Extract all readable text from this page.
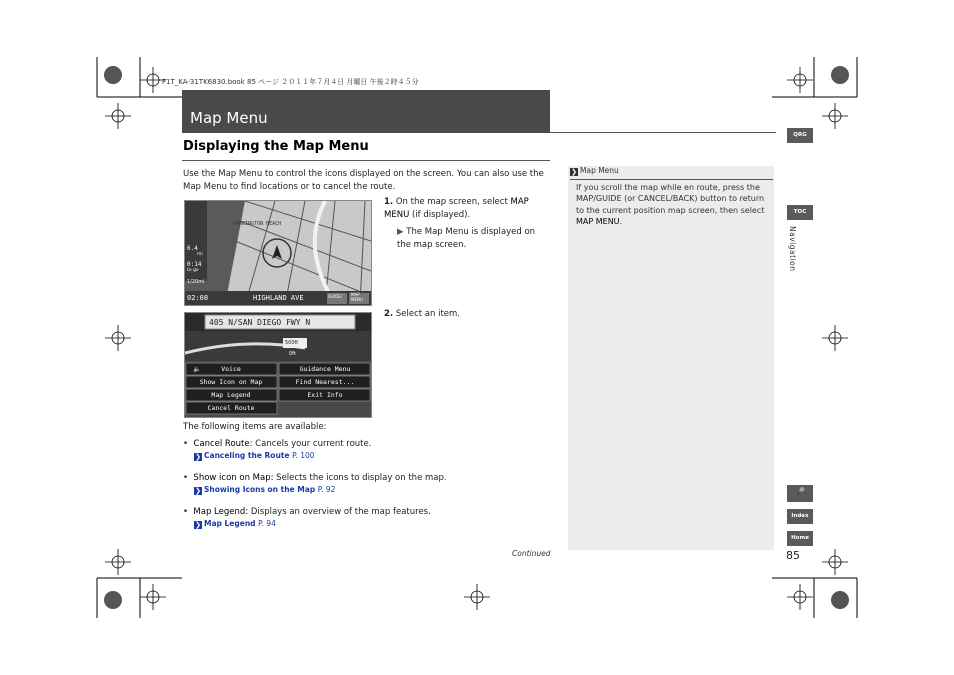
F1T_KA-31TK6830.book 85 ページ ２０１１年７月４日 月曜日 午後２時４５分
Map Menu
Displaying the Map Menu
Use the Map Menu to control the icons displayed on the screen. You can also use the Map Menu to find locations or to cancel the route.
PARKINGTON BEACH
6.4
mi
0:14
to go
1/20mi
02:08	HIGHLAND AVE	GUIDE/ MAP
MENU
1. On the map screen, select MAP MENU (if displayed).
▶ The Map Menu is displayed on the map screen.
405 N/SAN DIEGO FWY N
500ft
0ft
🔈	Voice	Guidance Menu
Show Icon on Map	Find Nearest...
Map Legend	Exit Info
Cancel Route
2. Select an item.
The following items are available:
•  Cancel Route: Cancels your current route.
❯ Canceling the Route P. 100
•  Show icon on Map: Selects the icons to display on the map.
❯ Showing Icons on the Map P. 92
•  Map Legend: Displays an overview of the map features.
❯ Map Legend P. 94
Continued
❯ Map Menu
If you scroll the map while en route, press the MAP/GUIDE (or CANCEL/BACK) button to return to the current position map screen, then select MAP MENU.
QRG
TOC
Navigation
🎤
Index
Home
85
